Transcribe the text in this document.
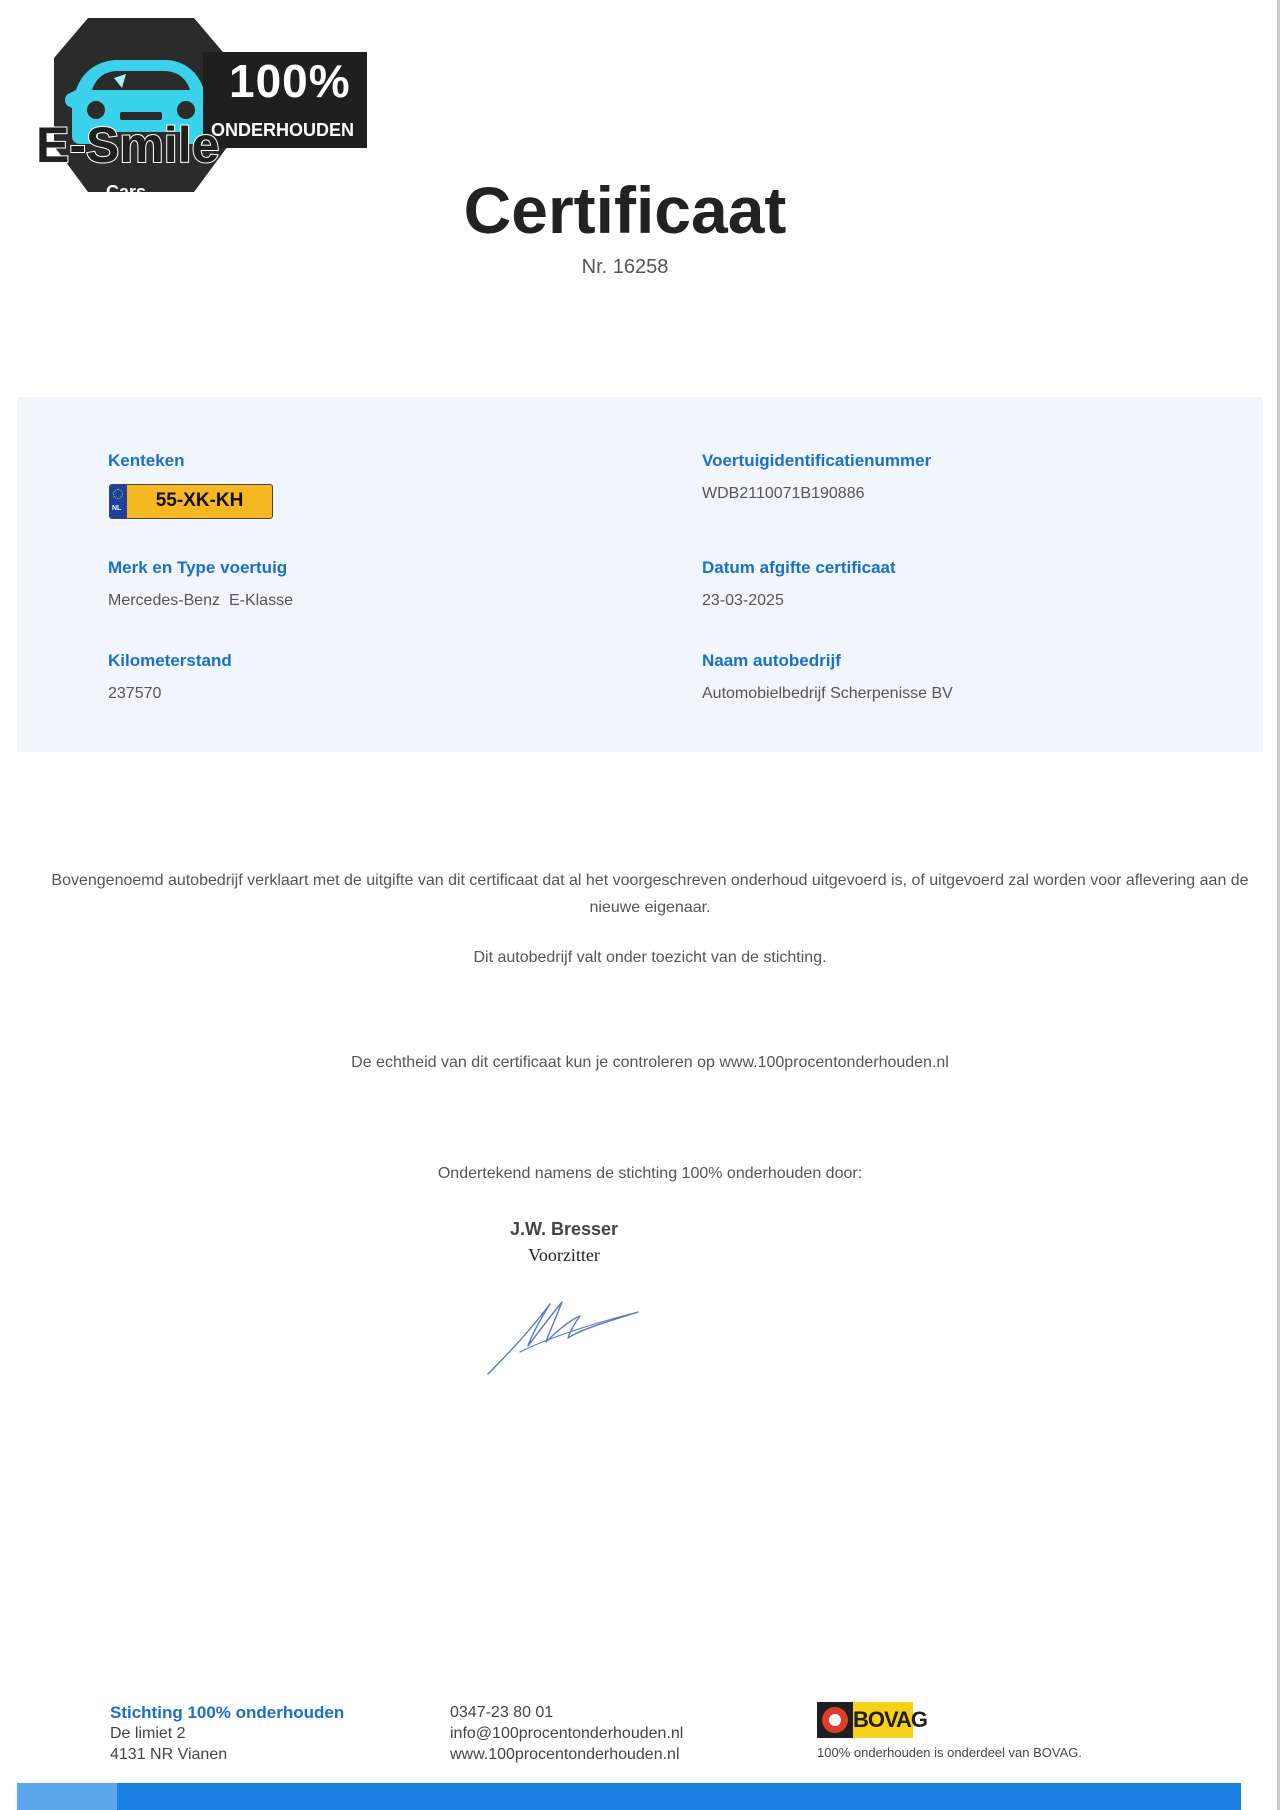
100%
ONDERHOUDEN
E-Smile
Cars	Certificaat
Nr. 16258
Kenteken
NL	55-XK-KH
Voertuigidentificatienummer
WDB2110071B190886
Merk en Type voertuig
Mercedes-Benz  E-Klasse
Datum afgifte certificaat
23-03-2025
Kilometerstand
237570
Naam autobedrijf
Automobielbedrijf Scherpenisse BV
Bovengenoemd autobedrijf verklaart met de uitgifte van dit certificaat dat al het voorgeschreven onderhoud uitgevoerd is, of uitgevoerd zal worden voor aflevering aan de nieuwe eigenaar.
Dit autobedrijf valt onder toezicht van de stichting.
De echtheid van dit certificaat kun je controleren op www.100procentonderhouden.nl
Ondertekend namens de stichting 100% onderhouden door:
J.W. Bresser
Voorzitter
Stichting 100% onderhouden
De limiet 2
4131 NR Vianen
0347-23 80 01
info@100procentonderhouden.nl
www.100procentonderhouden.nl
BOVAG
100% onderhouden is onderdeel van BOVAG.
